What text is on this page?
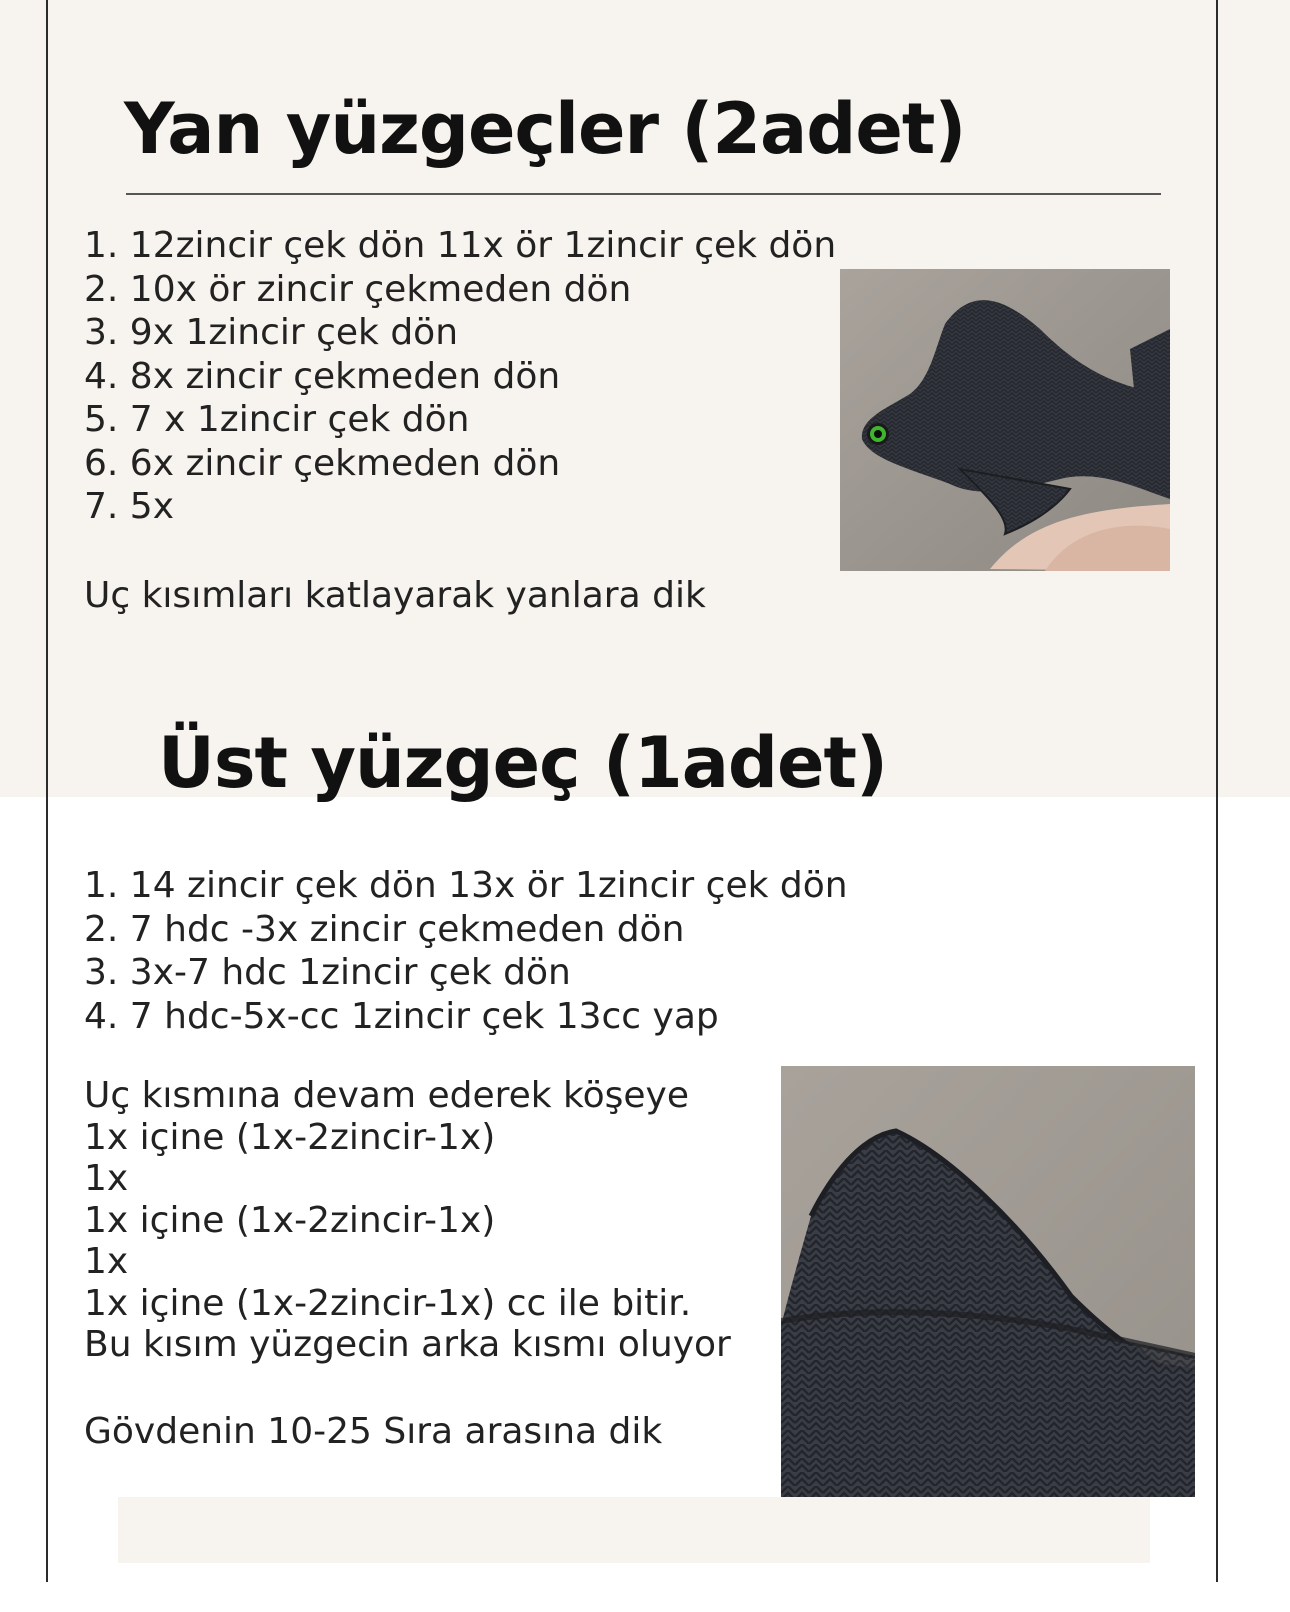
Yan yüzgeçler (2adet)
1. 12zincir çek dön 11x ör 1zincir çek dön
2. 10x ör zincir çekmeden dön
3. 9x 1zincir çek dön
4. 8x zincir çekmeden dön
5. 7 x 1zincir çek dön
6. 6x zincir çekmeden dön
7. 5x

Uç kısımları katlayarak yanlara dik

Üst yüzgeç (1adet)
1. 14 zincir çek dön 13x ör 1zincir çek dön
2. 7 hdc -3x zincir çekmeden dön
3. 3x-7 hdc 1zincir çek dön
4. 7 hdc-5x-cc 1zincir çek 13cc yap
Uç kısmına devam ederek köşeye
1x içine (1x-2zincir-1x)
1x
1x içine (1x-2zincir-1x)
1x
1x içine (1x-2zincir-1x) cc ile bitir.
Bu kısım yüzgecin arka kısmı oluyor

Gövdenin 10-25 Sıra arasına dik
